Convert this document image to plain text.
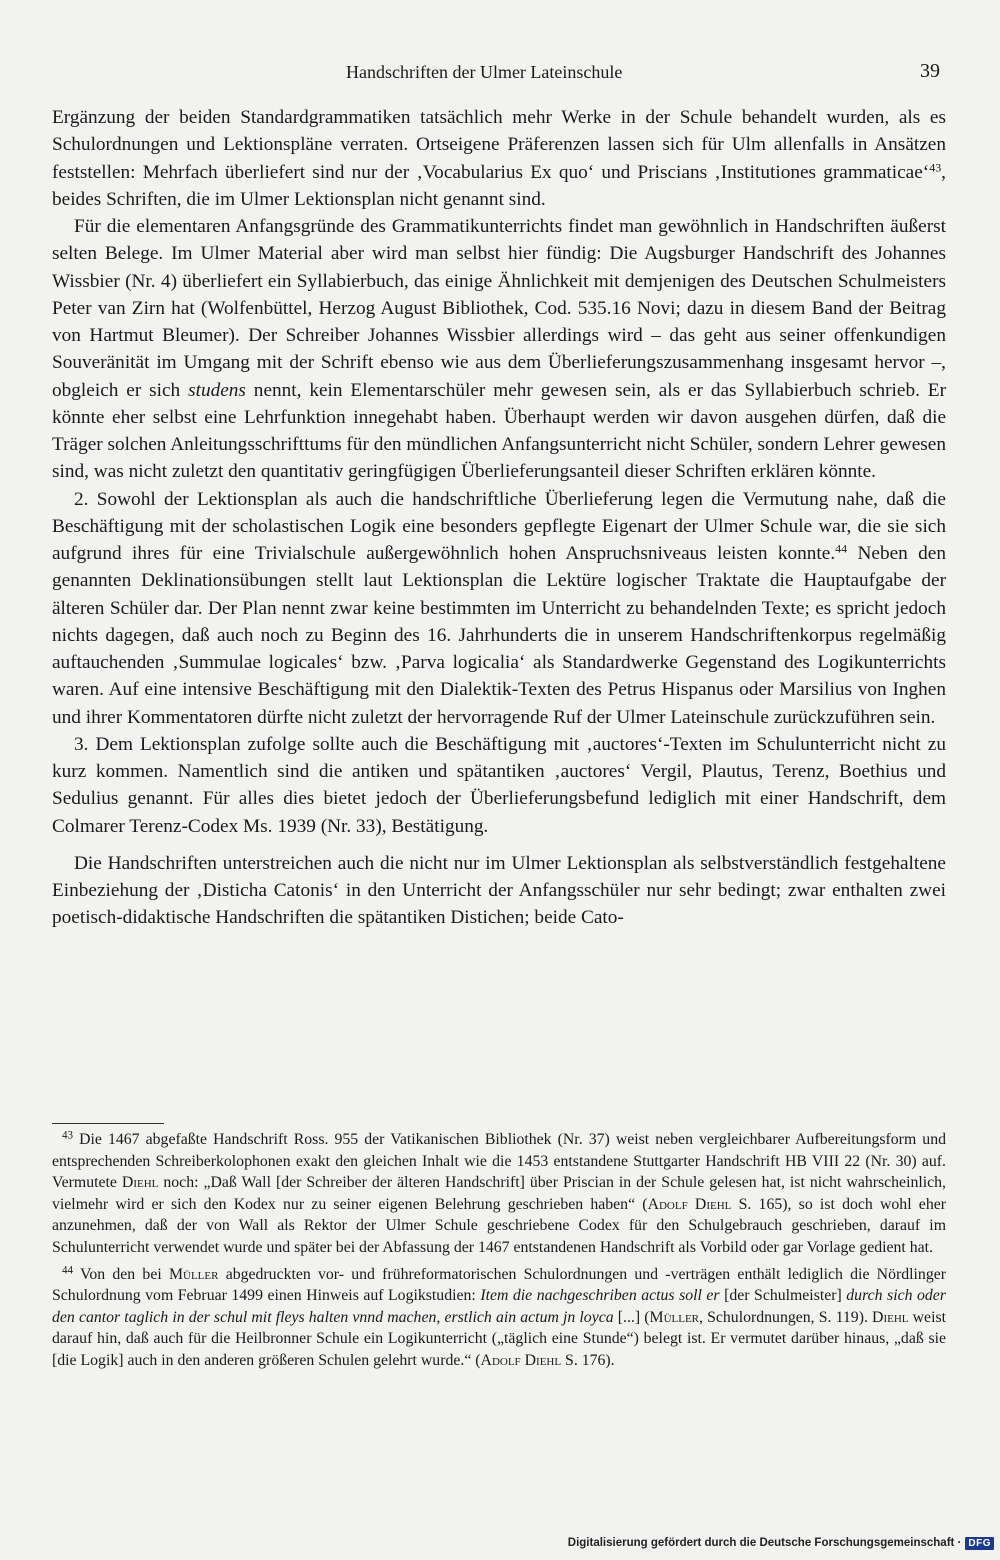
Handschriften der Ulmer Lateinschule	39

Ergänzung der beiden Standardgrammatiken tatsächlich mehr Werke in der Schule behandelt wurden, als es Schulordnungen und Lektionspläne verraten. Ortseigene Präferenzen lassen sich für Ulm allenfalls in Ansätzen feststellen: Mehrfach überliefert sind nur der ‚Vocabularius Ex quo‘ und Priscians ‚Institutiones grammaticae‘$^{43}$, beides Schriften, die im Ulmer Lektionsplan nicht genannt sind.

Für die elementaren Anfangsgründe des Grammatikunterrichts findet man gewöhnlich in Handschriften äußerst selten Belege. Im Ulmer Material aber wird man selbst hier fündig: Die Augsburger Handschrift des Johannes Wissbier (Nr. 4) überliefert ein Syllabierbuch, das einige Ähnlichkeit mit demjenigen des Deutschen Schulmeisters Peter van Zirn hat (Wolfenbüttel, Herzog August Bibliothek, Cod. 535.16 Novi; dazu in diesem Band der Beitrag von Hartmut Bleumer). Der Schreiber Johannes Wissbier allerdings wird – das geht aus seiner offenkundigen Souveränität im Umgang mit der Schrift ebenso wie aus dem Überlieferungszusammenhang insgesamt hervor –, obgleich er sich studens nennt, kein Elementarschüler mehr gewesen sein, als er das Syllabierbuch schrieb. Er könnte eher selbst eine Lehrfunktion innegehabt haben. Überhaupt werden wir davon ausgehen dürfen, daß die Träger solchen Anleitungsschrifttums für den mündlichen Anfangsunterricht nicht Schüler, sondern Lehrer gewesen sind, was nicht zuletzt den quantitativ geringfügigen Überlieferungsanteil dieser Schriften erklären könnte.

2. Sowohl der Lektionsplan als auch die handschriftliche Überlieferung legen die Vermutung nahe, daß die Beschäftigung mit der scholastischen Logik eine besonders gepflegte Eigenart der Ulmer Schule war, die sie sich aufgrund ihres für eine Trivialschule außergewöhnlich hohen Anspruchsniveaus leisten konnte.$^{44}$ Neben den genannten Deklinationsübungen stellt laut Lektionsplan die Lektüre logischer Traktate die Hauptaufgabe der älteren Schüler dar. Der Plan nennt zwar keine bestimmten im Unterricht zu behandelnden Texte; es spricht jedoch nichts dagegen, daß auch noch zu Beginn des 16. Jahrhunderts die in unserem Handschriftenkorpus regelmäßig auftauchenden ‚Summulae logicales‘ bzw. ‚Parva logicalia‘ als Standardwerke Gegenstand des Logikunterrichts waren. Auf eine intensive Beschäftigung mit den Dialektik-Texten des Petrus Hispanus oder Marsilius von Inghen und ihrer Kommentatoren dürfte nicht zuletzt der hervorragende Ruf der Ulmer Lateinschule zurückzuführen sein.

3. Dem Lektionsplan zufolge sollte auch die Beschäftigung mit ‚auctores‘-Texten im Schulunterricht nicht zu kurz kommen. Namentlich sind die antiken und spätantiken ‚auctores‘ Vergil, Plautus, Terenz, Boethius und Sedulius genannt. Für alles dies bietet jedoch der Überlieferungsbefund lediglich mit einer Handschrift, dem Colmarer Terenz-Codex Ms. 1939 (Nr. 33), Bestätigung.

Die Handschriften unterstreichen auch die nicht nur im Ulmer Lektionsplan als selbstverständlich festgehaltene Einbeziehung der ‚Disticha Catonis‘ in den Unterricht der Anfangsschüler nur sehr bedingt; zwar enthalten zwei poetisch-didaktische Handschriften die spätantiken Distichen; beide Cato-

$^{43}$ Die 1467 abgefaßte Handschrift Ross. 955 der Vatikanischen Bibliothek (Nr. 37) weist neben vergleichbarer Aufbereitungsform und entsprechenden Schreiberkolophonen exakt den gleichen Inhalt wie die 1453 entstandene Stuttgarter Handschrift HB VIII 22 (Nr. 30) auf. Vermutete Diehl noch: „Daß Wall [der Schreiber der älteren Handschrift] über Priscian in der Schule gelesen hat, ist nicht wahrscheinlich, vielmehr wird er sich den Kodex nur zu seiner eigenen Belehrung geschrieben haben“ (Adolf Diehl S. 165), so ist doch wohl eher anzunehmen, daß der von Wall als Rektor der Ulmer Schule geschriebene Codex für den Schulgebrauch geschrieben, darauf im Schulunterricht verwendet wurde und später bei der Abfassung der 1467 entstandenen Handschrift als Vorbild oder gar Vorlage gedient hat.

$^{44}$ Von den bei Müller abgedruckten vor- und frühreformatorischen Schulordnungen und -verträgen enthält lediglich die Nördlinger Schulordnung vom Februar 1499 einen Hinweis auf Logikstudien: Item die nachgeschriben actus soll er [der Schulmeister] durch sich oder den cantor taglich in der schul mit fleys halten vnnd machen, erstlich ain actum jn loyca [...] (Müller, Schulordnungen, S. 119). Diehl weist darauf hin, daß auch für die Heilbronner Schule ein Logikunterricht („täglich eine Stunde“) belegt ist. Er vermutet darüber hinaus, „daß sie [die Logik] auch in den anderen größeren Schulen gelehrt wurde.“ (Adolf Diehl S. 176).

Digitalisierung gefördert durch die Deutsche Forschungsgemeinschaft · DFG
